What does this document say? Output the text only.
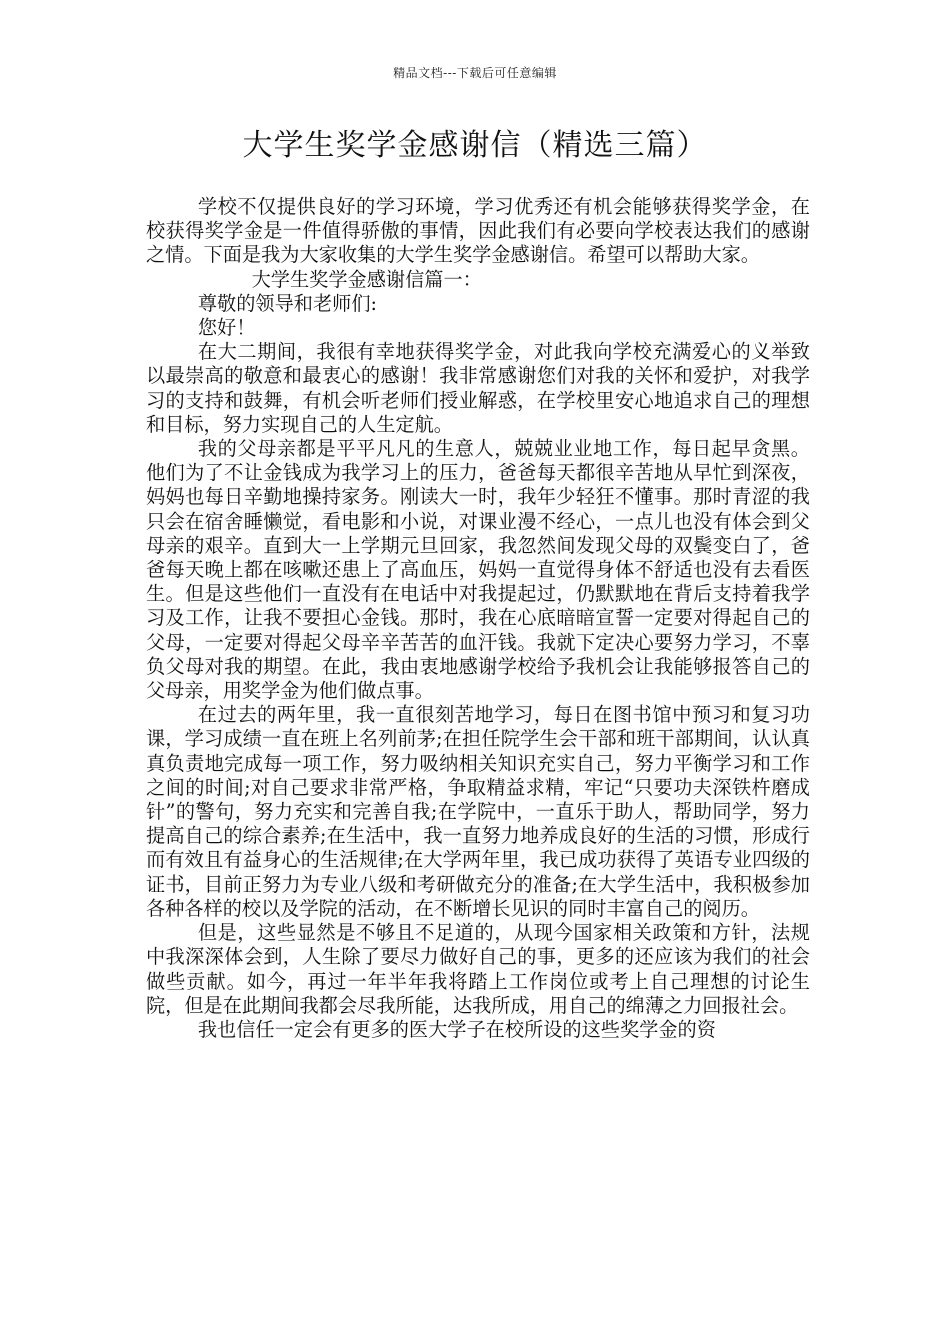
精品文档---下载后可任意编辑
大学生奖学金感谢信（精选三篇）

学校不仅提供良好的学习环境，学习优秀还有机会能够获得奖学金，在校获得奖学金是一件值得骄傲的事情，因此我们有必要向学校表达我们的感谢之情。下面是我为大家收集的大学生奖学金感谢信。希望可以帮助大家。

大学生奖学金感谢信篇一：

尊敬的领导和老师们:

您好！

在大二期间，我很有幸地获得奖学金，对此我向学校充满爱心的义举致以最崇高的敬意和最衷心的感谢！我非常感谢您们对我的关怀和爱护，对我学习的支持和鼓舞，有机会听老师们授业解惑，在学校里安心地追求自己的理想和目标，努力实现自己的人生定航。

我的父母亲都是平平凡凡的生意人，兢兢业业地工作，每日起早贪黑。他们为了不让金钱成为我学习上的压力，爸爸每天都很辛苦地从早忙到深夜，妈妈也每日辛勤地操持家务。刚读大一时，我年少轻狂不懂事。那时青涩的我只会在宿舍睡懒觉，看电影和小说，对课业漫不经心，一点儿也没有体会到父母亲的艰辛。直到大一上学期元旦回家，我忽然间发现父母的双鬓变白了，爸爸每天晚上都在咳嗽还患上了高血压，妈妈一直觉得身体不舒适也没有去看医生。但是这些他们一直没有在电话中对我提起过，仍默默地在背后支持着我学习及工作，让我不要担心金钱。那时，我在心底暗暗宣誓一定要对得起自己的父母，一定要对得起父母辛辛苦苦的血汗钱。我就下定决心要努力学习，不辜负父母对我的期望。在此，我由衷地感谢学校给予我机会让我能够报答自己的父母亲，用奖学金为他们做点事。

在过去的两年里，我一直很刻苦地学习，每日在图书馆中预习和复习功课，学习成绩一直在班上名列前茅;在担任院学生会干部和班干部期间，认认真真负责地完成每一项工作，努力吸纳相关知识充实自己，努力平衡学习和工作之间的时间;对自己要求非常严格，争取精益求精，牢记“只要功夫深铁杵磨成针”的警句，努力充实和完善自我;在学院中，一直乐于助人，帮助同学，努力提高自己的综合素养;在生活中，我一直努力地养成良好的生活的习惯，形成行而有效且有益身心的生活规律;在大学两年里，我已成功获得了英语专业四级的证书，目前正努力为专业八级和考研做充分的准备;在大学生活中，我积极参加各种各样的校以及学院的活动，在不断增长见识的同时丰富自己的阅历。

但是，这些显然是不够且不足道的，从现今国家相关政策和方针，法规中我深深体会到，人生除了要尽力做好自己的事，更多的还应该为我们的社会做些贡献。如今，再过一年半年我将踏上工作岗位或考上自己理想的讨论生院，但是在此期间我都会尽我所能，达我所成，用自己的绵薄之力回报社会。

我也信任一定会有更多的医大学子在校所设的这些奖学金的资
